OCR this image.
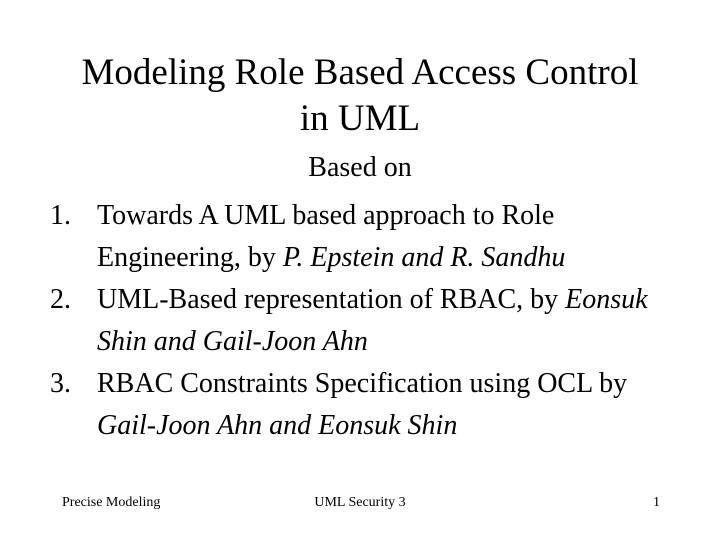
Modeling Role Based Access Control
in UML
Based on
1. Towards A UML based approach to Role Engineering, by P. Epstein and R. Sandhu
2. UML-Based representation of RBAC, by Eonsuk Shin and Gail-Joon Ahn
3. RBAC Constraints Specification using OCL by Gail-Joon Ahn and Eonsuk Shin
Precise Modeling	UML Security 3	1
